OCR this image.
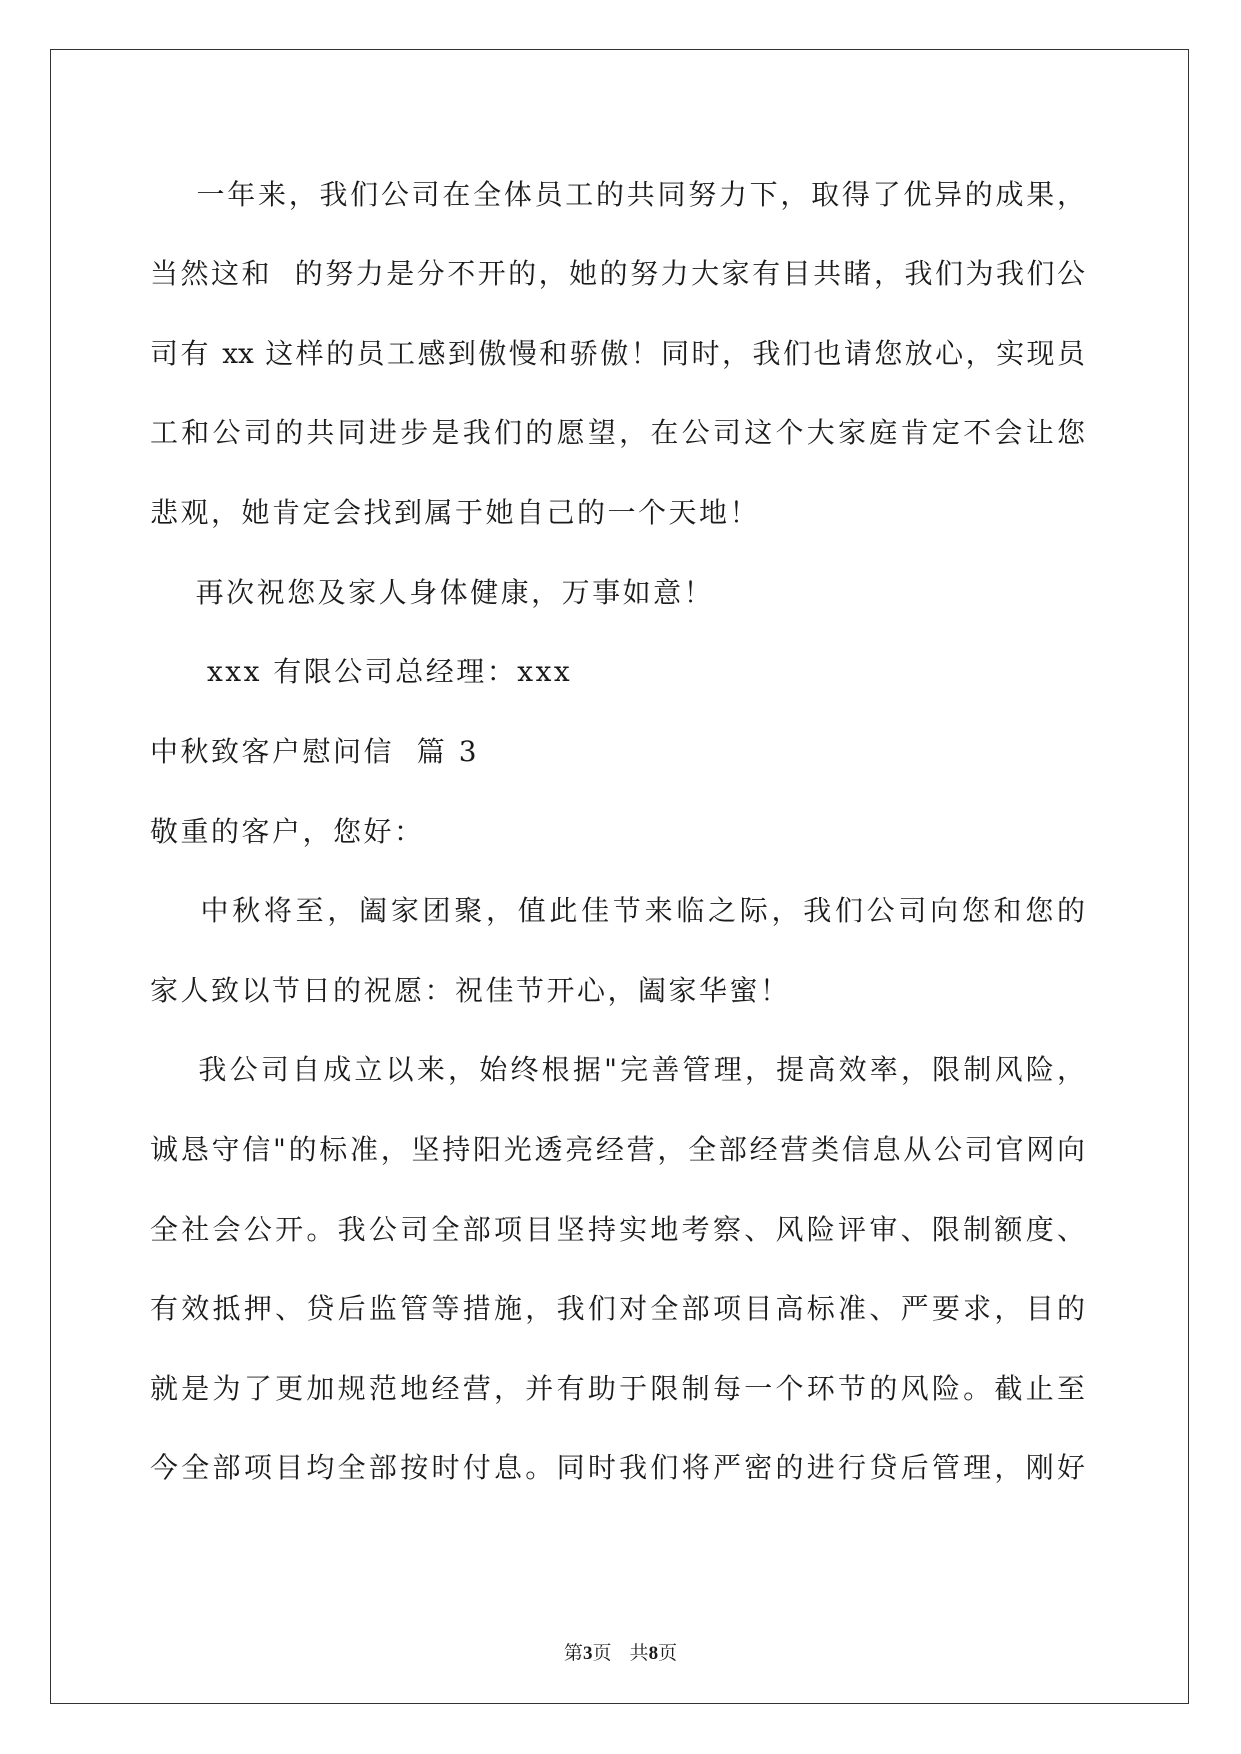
一年来，我们公司在全体员工的共同努力下，取得了优异的成果，
当然这和  的努力是分不开的，她的努力大家有目共睹，我们为我们公
司有 xx 这样的员工感到傲慢和骄傲！同时，我们也请您放心，实现员
工和公司的共同进步是我们的愿望，在公司这个大家庭肯定不会让您
悲观，她肯定会找到属于她自己的一个天地！
再次祝您及家人身体健康，万事如意！
xxx 有限公司总经理：xxx
中秋致客户慰问信  篇 3
敬重的客户，您好：
中秋将至，阖家团聚，值此佳节来临之际，我们公司向您和您的
家人致以节日的祝愿：祝佳节开心，阖家华蜜！
我公司自成立以来，始终根据"完善管理，提高效率，限制风险，
诚恳守信"的标准，坚持阳光透亮经营，全部经营类信息从公司官网向
全社会公开。我公司全部项目坚持实地考察、风险评审、限制额度、
有效抵押、贷后监管等措施，我们对全部项目高标准、严要求，目的
就是为了更加规范地经营，并有助于限制每一个环节的风险。截止至
今全部项目均全部按时付息。同时我们将严密的进行贷后管理，刚好
第3页   共8页
